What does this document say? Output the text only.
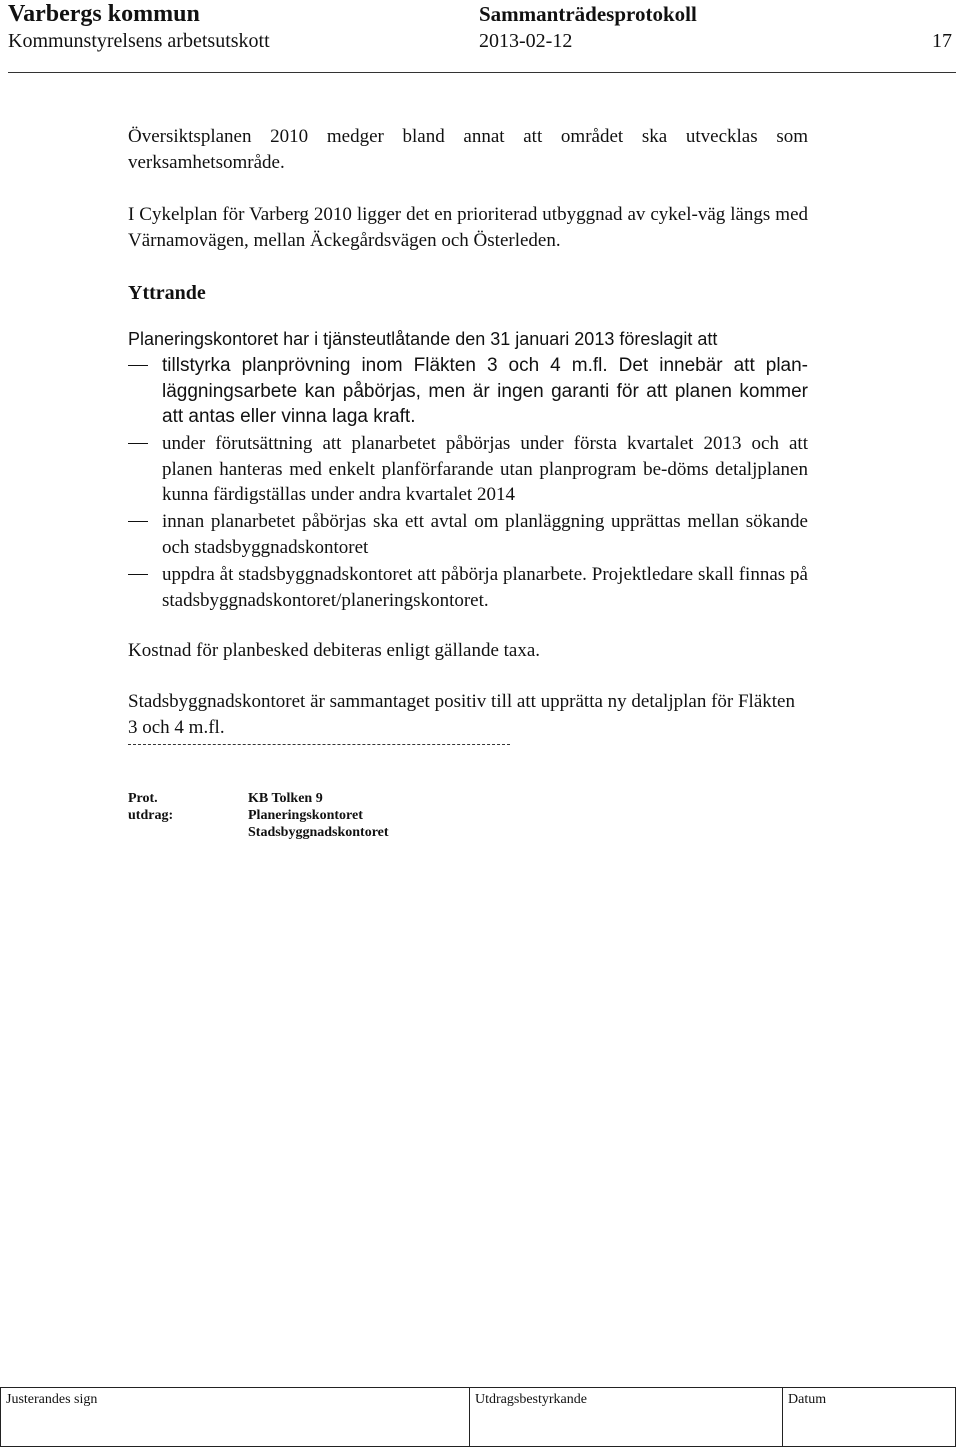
Varbergs kommun	Sammanträdesprotokoll
Kommunstyrelsens arbetsutskott	2013-02-12	17

Översiktsplanen 2010 medger bland annat att området ska utvecklas som verksamhetsområde.

I Cykelplan för Varberg 2010 ligger det en prioriterad utbyggnad av cykel-väg längs med Värnamovägen, mellan Äckegårdsvägen och Österleden.

Yttrande

Planeringskontoret har i tjänsteutlåtande den 31 januari 2013 föreslagit att

tillstyrka planprövning inom Fläkten 3 och 4 m.fl. Det innebär att plan-läggningsarbete kan påbörjas, men är ingen garanti för att planen kommer att antas eller vinna laga kraft.
under förutsättning att planarbetet påbörjas under första kvartalet 2013 och att planen hanteras med enkelt planförfarande utan planprogram be-döms detaljplanen kunna färdigställas under andra kvartalet 2014
innan planarbetet påbörjas ska ett avtal om planläggning upprättas mellan sökande och stadsbyggnadskontoret
uppdra åt stadsbyggnadskontoret att påbörja planarbete. Projektledare skall finnas på stadsbyggnadskontoret/planeringskontoret.

Kostnad för planbesked debiteras enligt gällande taxa.

Stadsbyggnadskontoret är sammantaget positiv till att upprätta ny detaljplan för Fläkten 3 och 4 m.fl.

Prot. utdrag:
KB Tolken 9
Planeringskontoret
Stadsbyggnadskontoret
Justerandes sign	Utdragsbestyrkande	Datum
